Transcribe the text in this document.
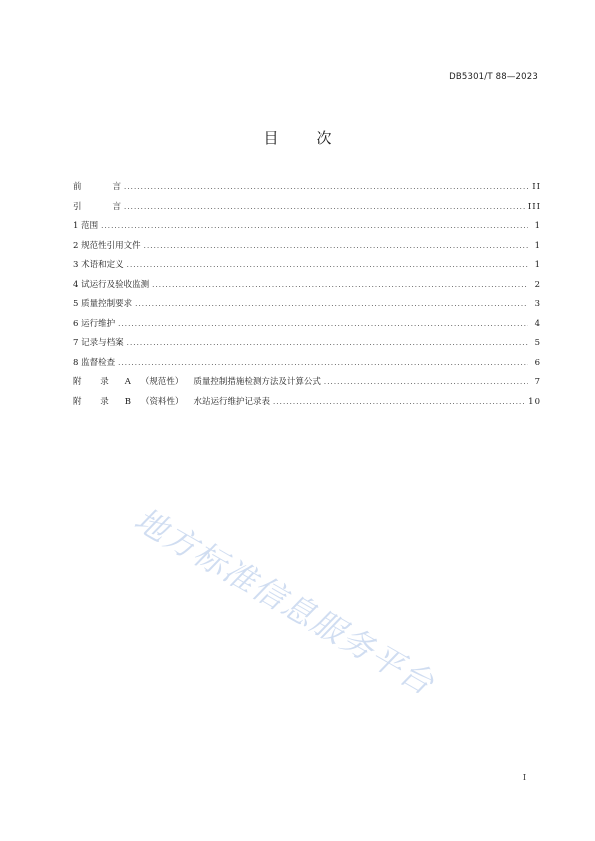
DB5301/T 88—2023
目	次
前 言 .....	II
引 言 .....	III
1 范围 .....	1
2 规范性引用文件 .....	1
3 术语和定义 .....	1
4 试运行及验收监测 .....	2
5 质量控制要求 .....	3
6 运行维护 .....	4
7 记录与档案 .....	5
8 监督检查 .....	6
附 录 A （规范性） 质量控制措施检测方法及计算公式 .....	7
附 录 B （资料性） 水站运行维护记录表 .....	10
地方标准信息服务平台
I
